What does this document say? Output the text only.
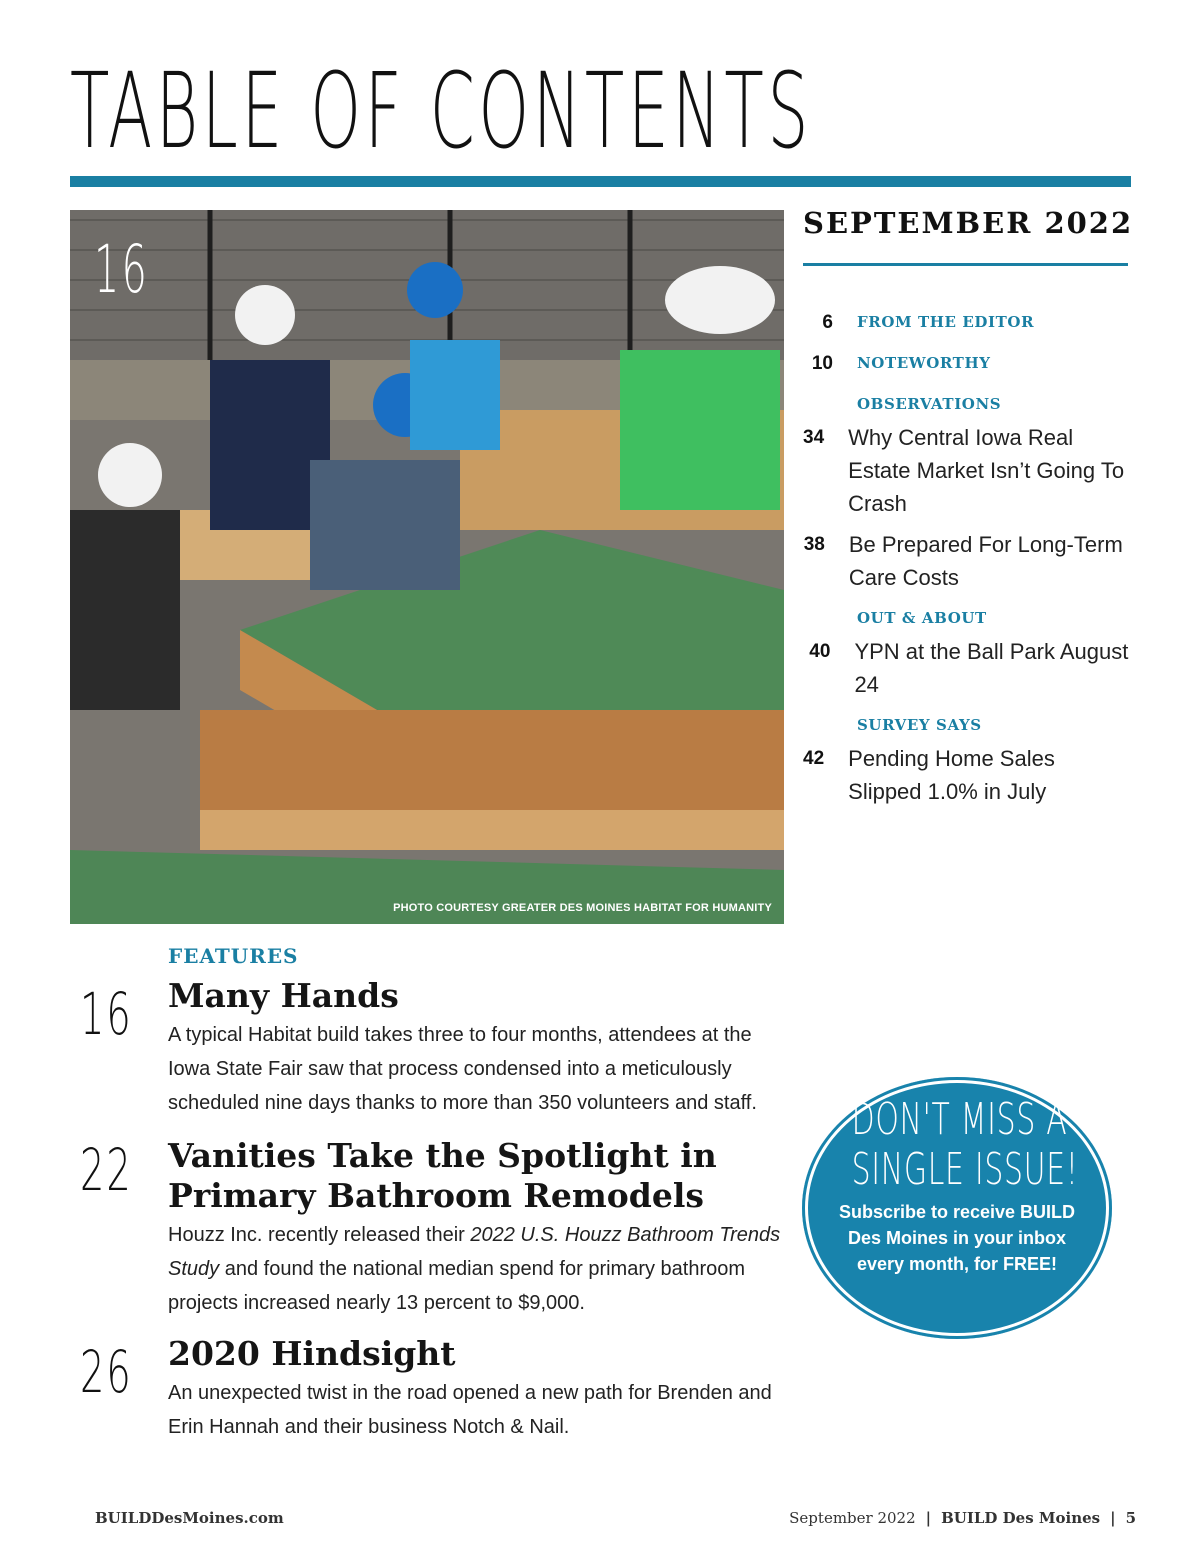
TABLE OF CONTENTS
16
PHOTO COURTESY GREATER DES MOINES HABITAT FOR HUMANITY
SEPTEMBER 2022
6 FROM THE EDITOR
10 NOTEWORTHY
OBSERVATIONS
34 Why Central Iowa Real Estate Market Isn’t Going To Crash
38 Be Prepared For Long-Term Care Costs
OUT & ABOUT
40 YPN at the Ball Park August 24
SURVEY SAYS
42 Pending Home Sales Slipped 1.0% in July
FEATURES
16 Many Hands

A typical Habitat build takes three to four months, attendees at the Iowa State Fair saw that process condensed into a meticulously scheduled nine days thanks to more than 350 volunteers and staff.

22 Vanities Take the Spotlight in Primary Bathroom Remodels

Houzz Inc. recently released their 2022 U.S. Houzz Bathroom Trends Study and found the national median spend for primary bathroom projects increased nearly 13 percent to $9,000.

26 2020 Hindsight

An unexpected twist in the road opened a new path for Brenden and Erin Hannah and their business Notch & Nail.

DON'T MISS A
SINGLE ISSUE!
Subscribe to receive BUILD Des Moines in your inbox every month, for FREE!
BUILDDesMoines.com	September 2022 | BUILD Des Moines | 5
